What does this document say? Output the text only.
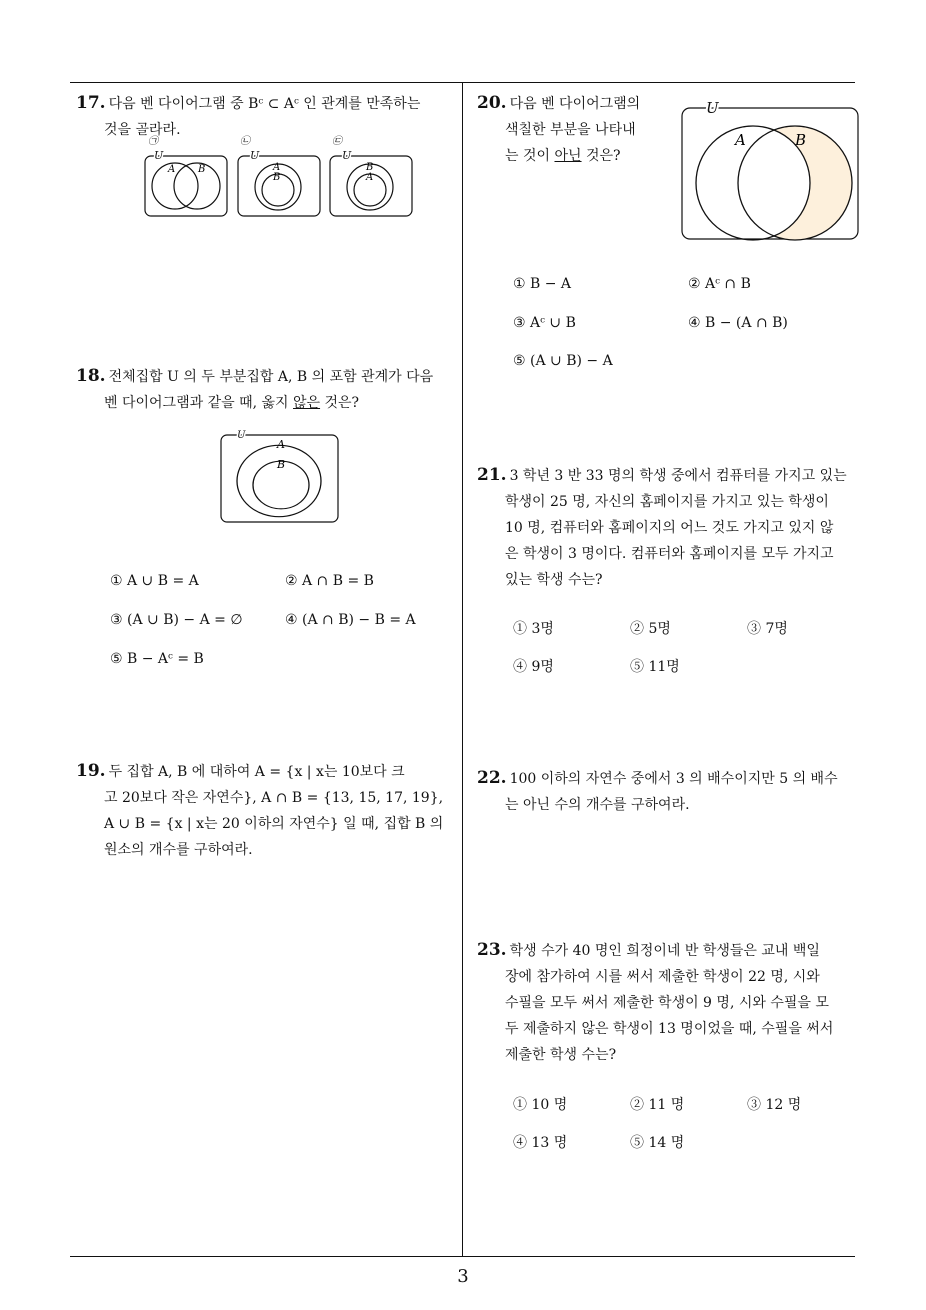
17. 다음 벤 다이어그램 중 Bᶜ ⊂ Aᶜ 인 관계를 만족하는
것을 골라라.
㉠
U
A B
㉡
U
A
B
㉢
U
B
A
18. 전체집합 U 의 두 부분집합 A, B 의 포함 관계가 다음
벤 다이어그램과 같을 때, 옳지 않은 것은?
U
A
B
① A ∪ B = A	② A ∩ B = B
③ (A ∪ B) − A = ∅	④ (A ∩ B) − B = A
⑤ B − Aᶜ = B
19. 두 집합 A, B 에 대하여 A = {x | x는 10보다 크
고 20보다 작은 자연수}, A ∩ B = {13, 15, 17, 19},
A ∪ B = {x | x는 20 이하의 자연수} 일 때, 집합 B 의
원소의 개수를 구하여라.
20. 다음 벤 다이어그램의
색칠한 부분을 나타내
는 것이 아닌 것은?
U
A	B
① B − A	② Aᶜ ∩ B
③ Aᶜ ∪ B	④ B − (A ∩ B)
⑤ (A ∪ B) − A
21. 3 학년 3 반 33 명의 학생 중에서 컴퓨터를 가지고 있는
학생이 25 명, 자신의 홈페이지를 가지고 있는 학생이
10 명, 컴퓨터와 홈페이지의 어느 것도 가지고 있지 않
은 학생이 3 명이다. 컴퓨터와 홈페이지를 모두 가지고
있는 학생 수는?
① 3명	② 5명	③ 7명
④ 9명	⑤ 11명
22. 100 이하의 자연수 중에서 3 의 배수이지만 5 의 배수
는 아닌 수의 개수를 구하여라.
23. 학생 수가 40 명인 희정이네 반 학생들은 교내 백일
장에 참가하여 시를 써서 제출한 학생이 22 명, 시와
수필을 모두 써서 제출한 학생이 9 명, 시와 수필을 모
두 제출하지 않은 학생이 13 명이었을 때, 수필을 써서
제출한 학생 수는?
① 10 명	② 11 명	③ 12 명
④ 13 명	⑤ 14 명
3
